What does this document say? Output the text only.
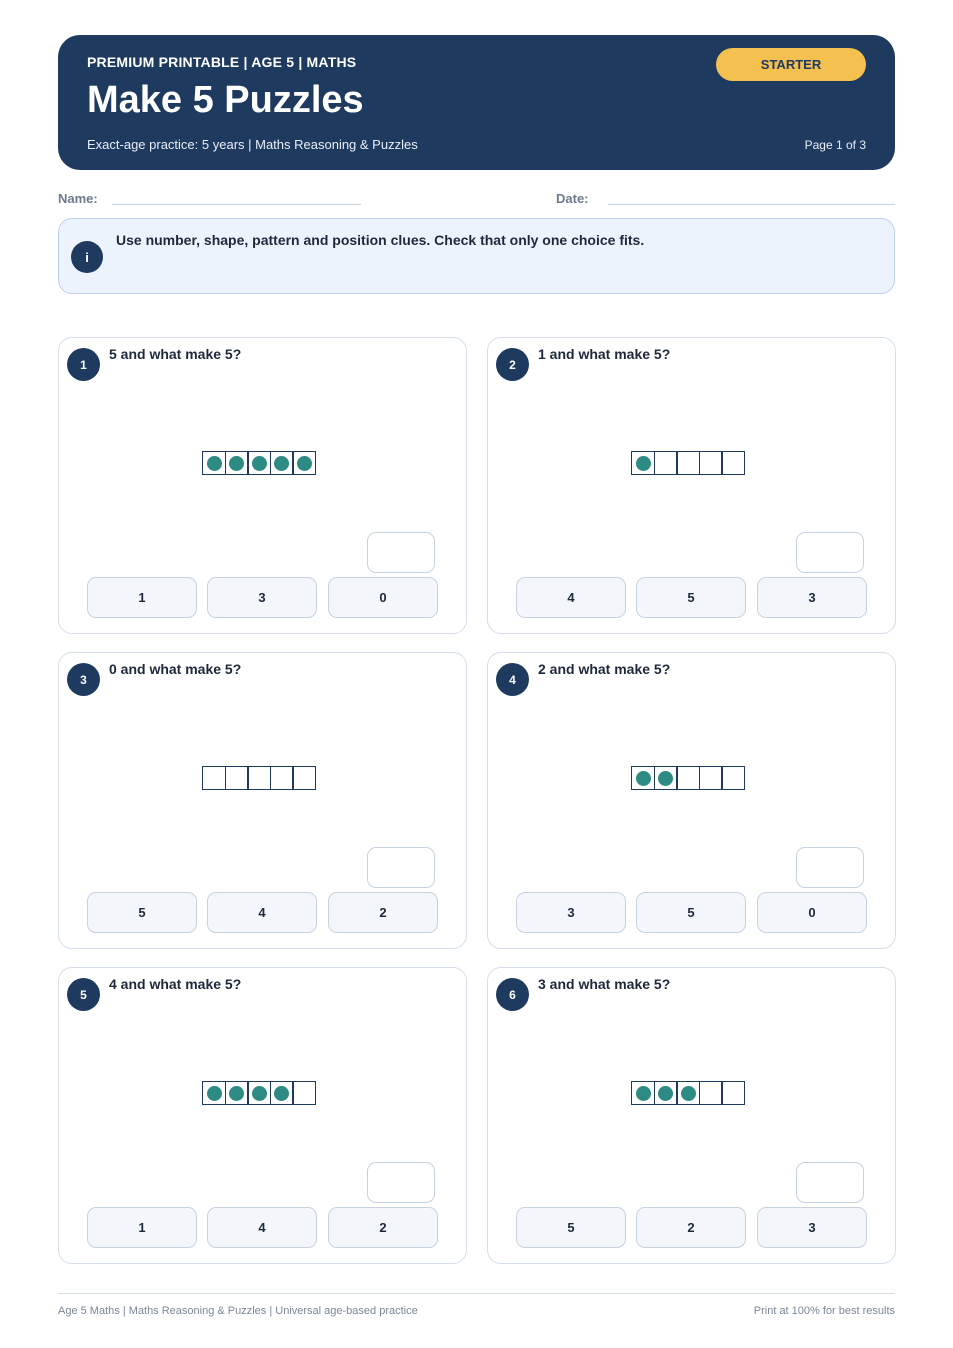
PREMIUM PRINTABLE | AGE 5 | MATHS
Make 5 Puzzles
Exact-age practice: 5 years | Maths Reasoning & Puzzles	Page 1 of 3
STARTER
Name:	Date:
i
Use number, shape, pattern and position clues. Check that only one choice fits.
1
5 and what make 5?
1	3	0
2
1 and what make 5?
4	5	3
3
0 and what make 5?
5	4	2
4
2 and what make 5?
3	5	0
5
4 and what make 5?
1	4	2
6
3 and what make 5?
5	2	3
Age 5 Maths | Maths Reasoning & Puzzles | Universal age-based practice	Print at 100% for best results
